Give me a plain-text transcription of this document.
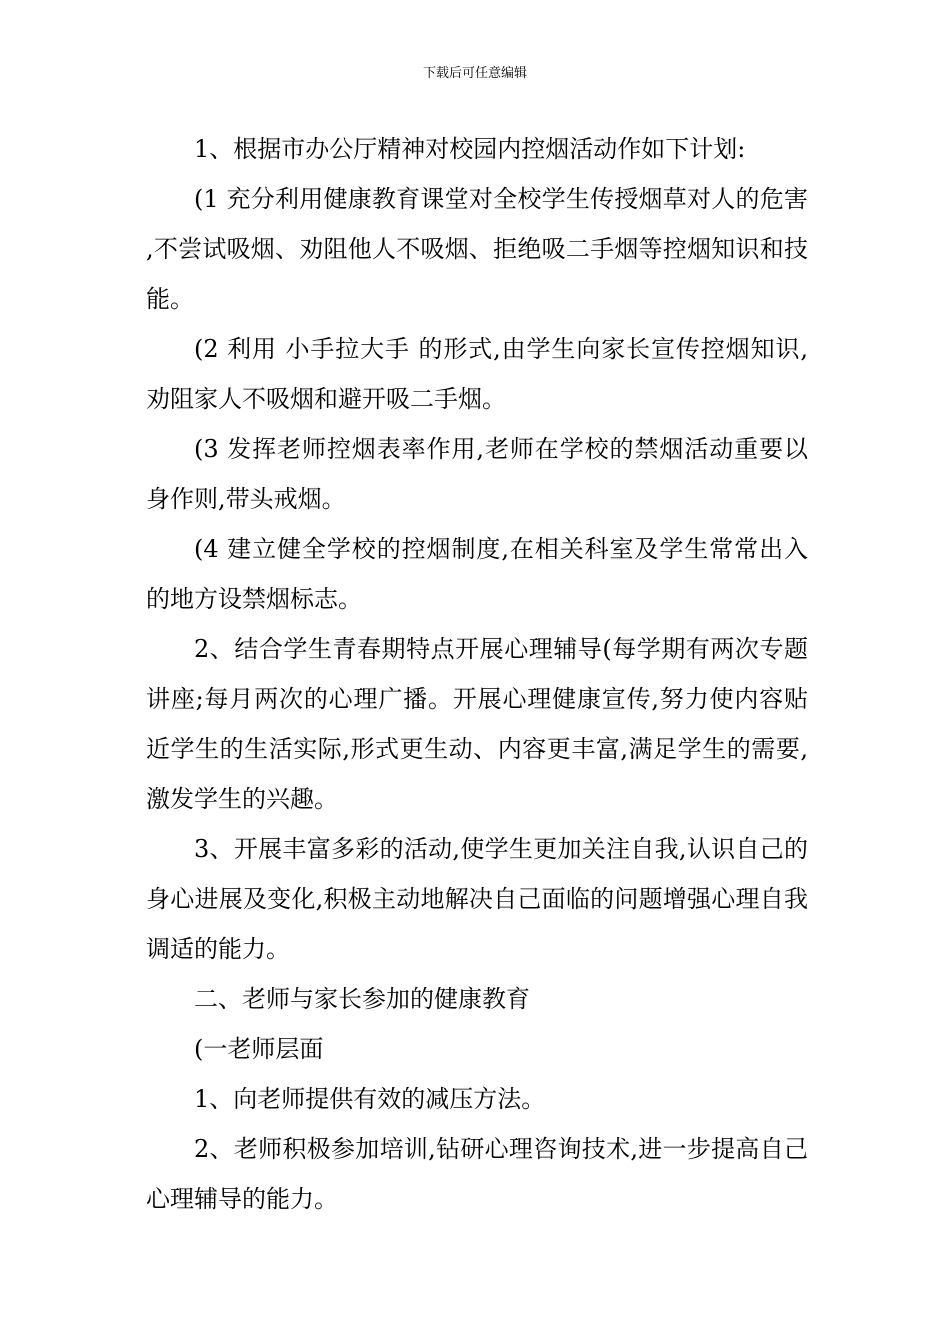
下载后可任意编辑

1、根据市办公厅精神对校园内控烟活动作如下计划:

(1 充分利用健康教育课堂对全校学生传授烟草对人的危害 ,不尝试吸烟、劝阻他人不吸烟、拒绝吸二手烟等控烟知识和技能。

(2 利用 小手拉大手 的形式,由学生向家长宣传控烟知识,劝阻家人不吸烟和避开吸二手烟。

(3 发挥老师控烟表率作用,老师在学校的禁烟活动重要以身作则,带头戒烟。

(4 建立健全学校的控烟制度,在相关科室及学生常常出入的地方设禁烟标志。

2、结合学生青春期特点开展心理辅导(每学期有两次专题讲座;每月两次的心理广播。开展心理健康宣传,努力使内容贴近学生的生活实际,形式更生动、内容更丰富,满足学生的需要,激发学生的兴趣。

3、开展丰富多彩的活动,使学生更加关注自我,认识自己的身心进展及变化,积极主动地解决自己面临的问题增强心理自我调适的能力。

二、老师与家长参加的健康教育

(一老师层面

1、向老师提供有效的减压方法。

2、老师积极参加培训,钻研心理咨询技术,进一步提高自己心理辅导的能力。
